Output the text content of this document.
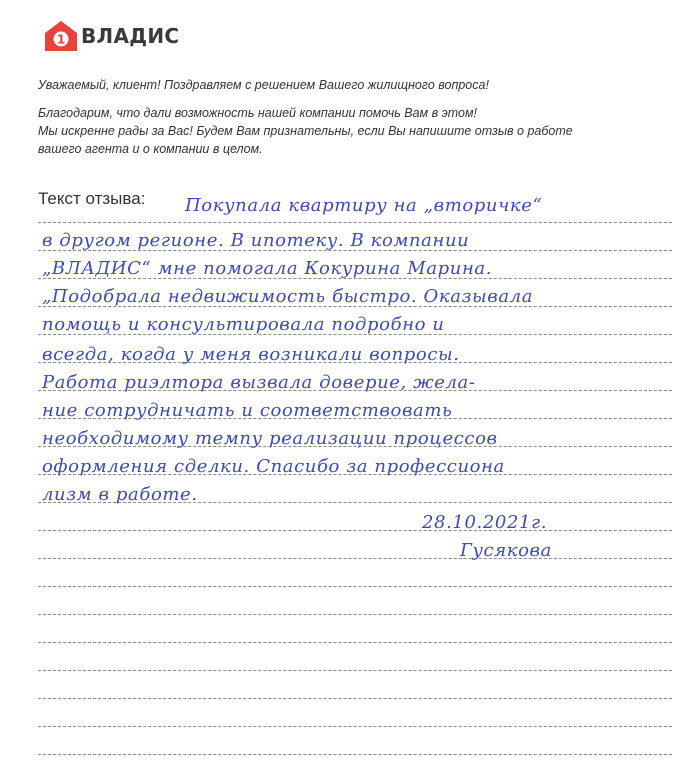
1 ВЛАДИС

Уважаемый, клиент! Поздравляем с решением Вашего жилищного вопроса!

Благодарим, что дали возможность нашей компании помочь Вам в этом!

Мы искренне рады за Вас! Будем Вам признательны, если Вы напишите отзыв о работе

вашего агента и о компании в целом.

Текст отзыва: Покупала квартиру на „вторичке“
в другом регионе. В ипотеку. В компании
„ВЛАДИС“ мне помогала Кокурина Марина.
„Подобрала недвижимость быстро. Оказывала
помощь и консультировала подробно и
всегда, когда у меня возникали вопросы.
Работа риэлтора вызвала доверие, жела-
ние сотрудничать и соответствовать
необходимому темпу реализации процессов
оформления сделки. Спасибо за профессиона
лизм в работе.
28.10.2021г.
Гусякова
